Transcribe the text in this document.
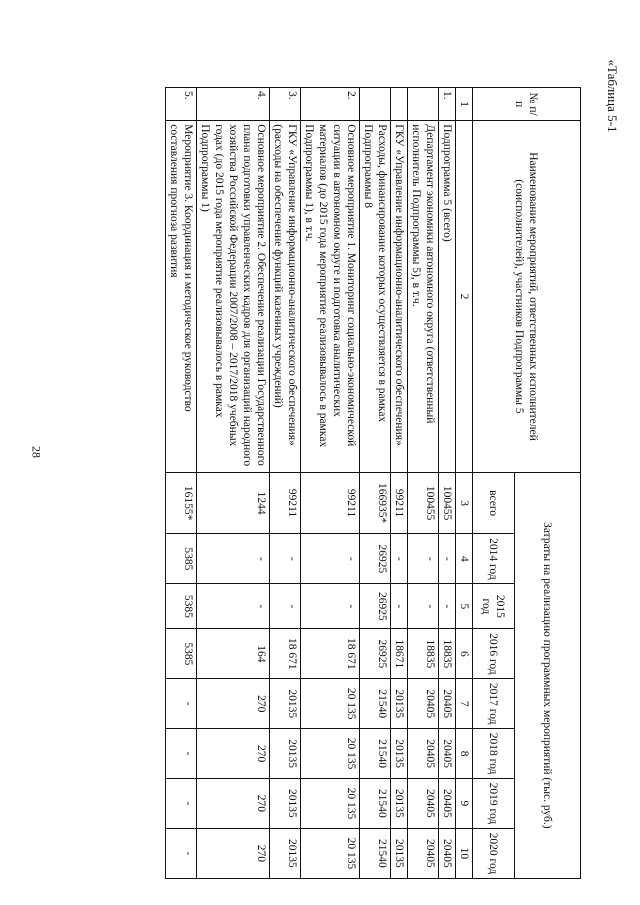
28
«Таблица 5-1
№ п/п	Наименование мероприятий, ответственных исполнителей (соисполнителей), участников Подпрограммы 5	Затраты на реализацию программных мероприятий (тыс. руб.)							
		всего	2014 год	2015 год	2016 год	2017 год	2018 год	2019 год	2020 год
1	2	3	4	5	6	7	8	9	10
1.	Подпрограмма 5 (всего)	100455	-	-	18835	20405	20405	20405	20405
	Департамент экономики автономного округа (ответственный исполнитель Подпрограммы 5), в т.ч.	100455	-	-	18835	20405	20405	20405	20405
	ГКУ «Управление информационно-аналитического обеспечения»	99211	-	-	18671	20135	20135	20135	20135
	Расходы, финансирование которых осуществляется в рамках Подпрограммы 8	166935*	26925	26925	26925	21540	21540	21540	21540
2.	Основное мероприятие 1. Мониторинг социально-экономической ситуации в автономном округе и подготовка аналитических материалов (до 2015 года мероприятие реализовывалось в рамках Подпрограммы 1), в т.ч.	99211	-	-	18 671	20 135	20 135	20 135	20 135
3.	ГКУ «Управление информационно-аналитического обеспечения» (расходы на обеспечение функций казенных учреждений)	99211	-	-	18 671	20135	20135	20135	20135
4.	Основное мероприятие 2. Обеспечение реализации Государственного плана подготовки управленческих кадров для организаций народного хозяйства Российской Федерации 2007/2008 – 2017/2018 учебных годах (до 2015 года мероприятие реализовывалось в рамках Подпрограммы 1)	1244	-	-	164	270	270	270	270
5.	Мероприятие 3. Координация и методическое руководство составления прогноза развития	16155*	5385	5385	5385	-	-	-	-
